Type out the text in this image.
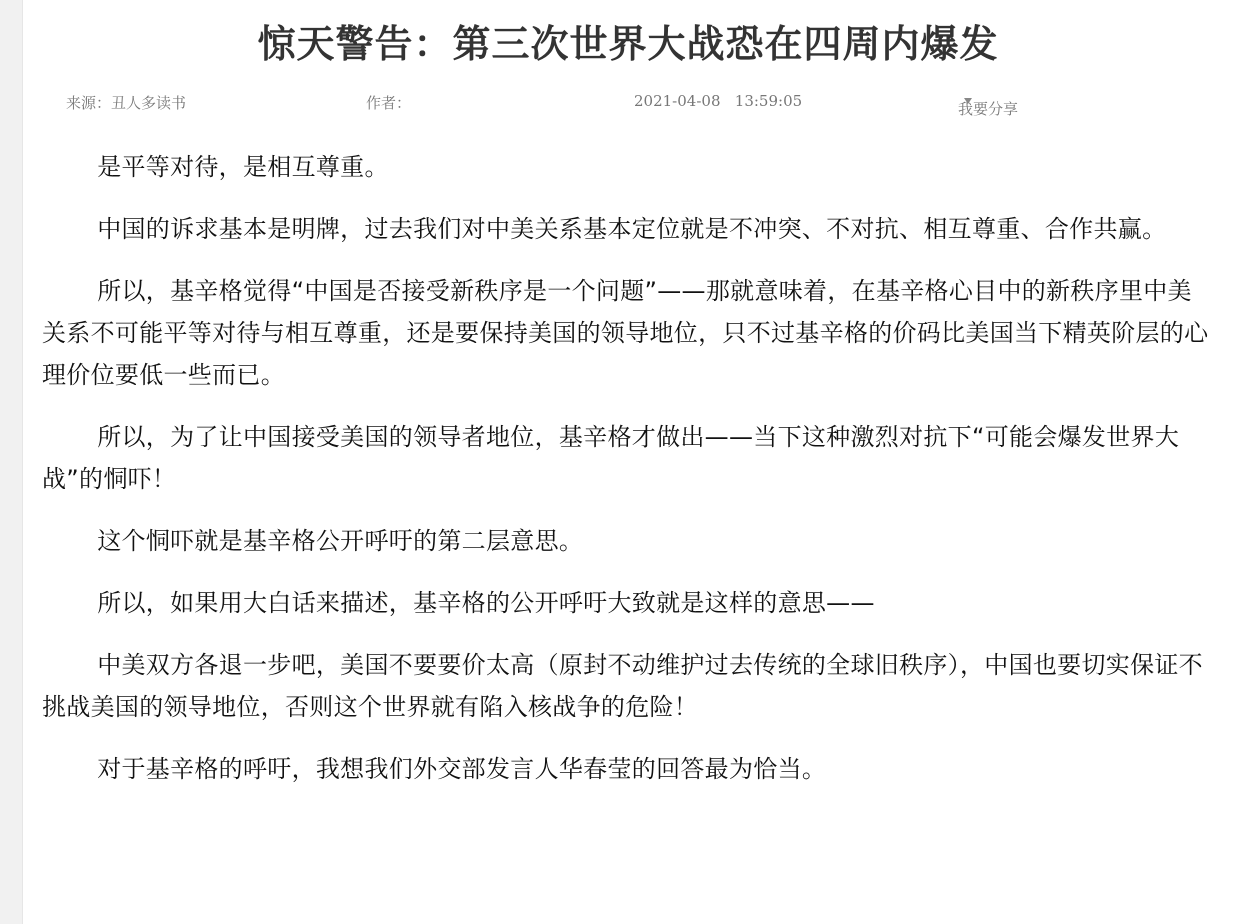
惊天警告：第三次世界大战恐在四周内爆发
来源：丑人多读书	作者：	2021-04-08   13:59:05	我要分享

是平等对待，是相互尊重。

中国的诉求基本是明牌，过去我们对中美关系基本定位就是不冲突、不对抗、相互尊重、合作共赢。

所以，基辛格觉得“中国是否接受新秩序是一个问题”——那就意味着，在基辛格心目中的新秩序里中美关系不可能平等对待与相互尊重，还是要保持美国的领导地位，只不过基辛格的价码比美国当下精英阶层的心理价位要低一些而已。

所以，为了让中国接受美国的领导者地位，基辛格才做出——当下这种激烈对抗下“可能会爆发世界大战”的恫吓！

这个恫吓就是基辛格公开呼吁的第二层意思。

所以，如果用大白话来描述，基辛格的公开呼吁大致就是这样的意思——

中美双方各退一步吧，美国不要要价太高（原封不动维护过去传统的全球旧秩序），中国也要切实保证不挑战美国的领导地位，否则这个世界就有陷入核战争的危险！

对于基辛格的呼吁，我想我们外交部发言人华春莹的回答最为恰当。
